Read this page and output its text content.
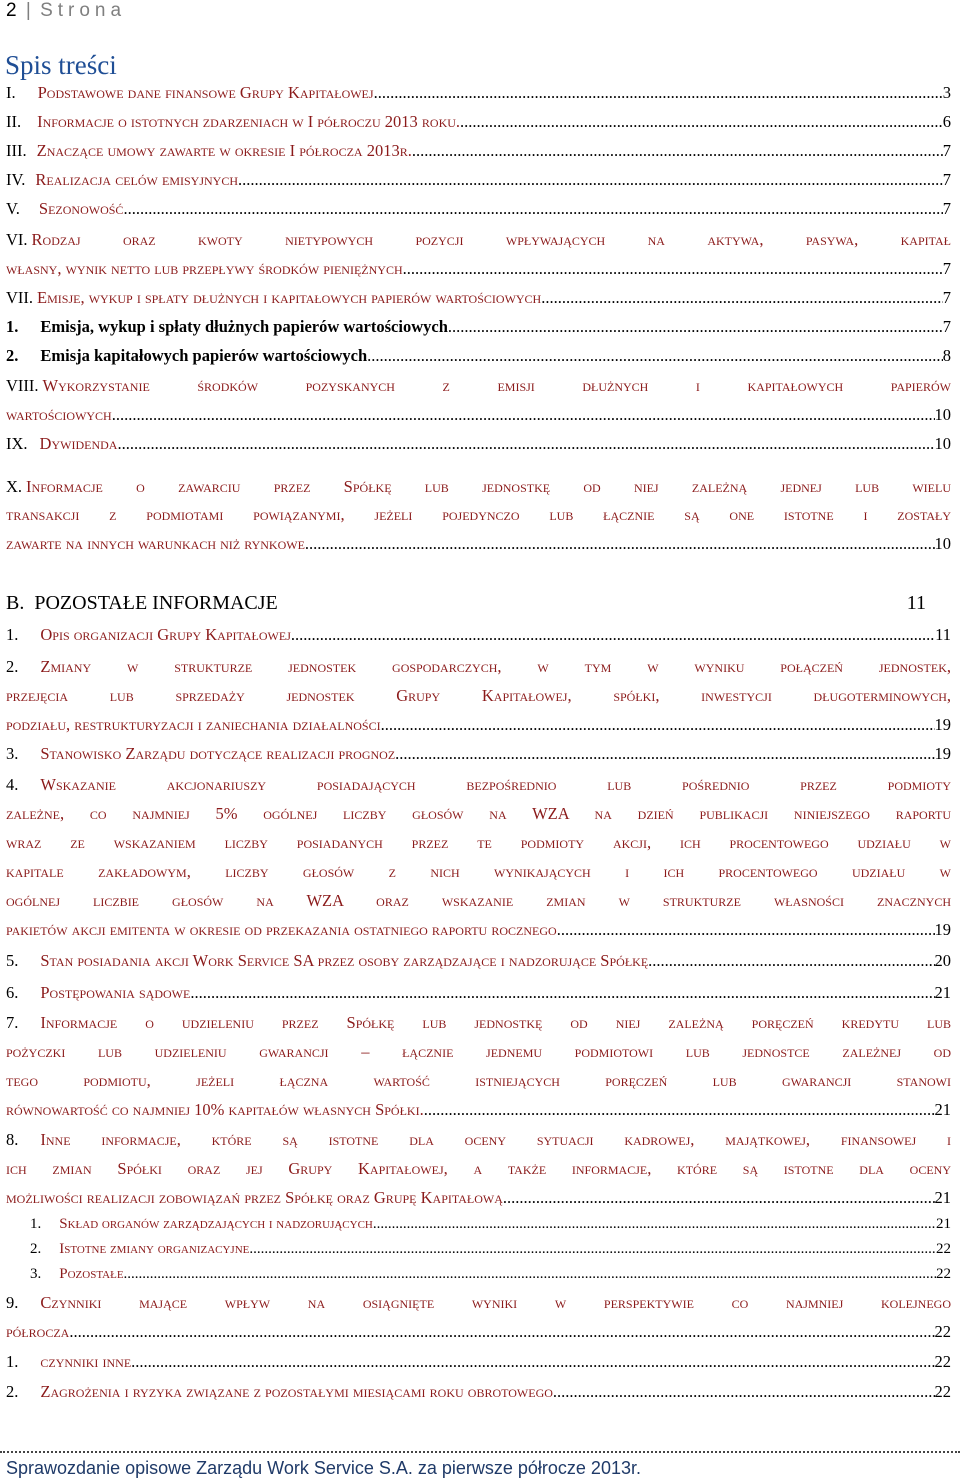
2 | Strona
Spis treści
I. Podstawowe dane finansowe Grupy Kapitałowej .....	3
II. Informacje o istotnych zdarzeniach w I półroczu 2013 roku. .....	6
III. Znaczące umowy zawarte w okresie I półrocza 2013r. .....	7
IV. Realizacja celów emisyjnych .....	7
V. Sezonowość .....	7
VI. Rodzaj oraz kwoty nietypowych pozycji wpływających na aktywa, pasywa, kapitał
własny, wynik netto lub przepływy środków pieniężnych .....	7
VII. Emisje, wykup i spłaty dłużnych i kapitałowych papierów wartościowych .....	7
1. Emisja, wykup i spłaty dłużnych papierów wartościowych .....	7
2. Emisja kapitałowych papierów wartościowych .....	8
VIII. Wykorzystanie środków pozyskanych z emisji dłużnych i kapitałowych papierów
wartościowych .....	10
IX. Dywidenda .....	10
X. Informacje o zawarciu przez Spółkę lub jednostkę od niej zależną jednej lub wielu
transakcji z podmiotami powiązanymi, jeżeli pojedynczo lub łącznie są one istotne i zostały
zawarte na innych warunkach niż rynkowe .....	10
B. POZOSTAŁE INFORMACJE	11
1. Opis organizacji Grupy Kapitałowej .....	11
2. Zmiany w strukturze jednostek gospodarczych, w tym w wyniku połączeń jednostek,
przejęcia lub sprzedaży jednostek Grupy Kapitałowej, spółki, inwestycji długoterminowych,
podziału, restrukturyzacji i zaniechania działalności .....	19
3. Stanowisko Zarządu dotyczące realizacji prognoz .....	19
4. Wskazanie akcjonariuszy posiadających bezpośrednio lub pośrednio przez podmioty
zależne, co najmniej 5% ogólnej liczby głosów na WZA na dzień publikacji niniejszego raportu
wraz ze wskazaniem liczby posiadanych przez te podmioty akcji, ich procentowego udziału w
kapitale zakładowym, liczby głosów z nich wynikających i ich procentowego udziału w
ogólnej liczbie głosów na WZA oraz wskazanie zmian w strukturze własności znacznych
pakietów akcji emitenta w okresie od przekazania ostatniego raportu rocznego .....	19
5. Stan posiadania akcji Work Service SA przez osoby zarządzające i nadzorujące Spółkę .....	20
6. Postępowania sądowe .....	21
7. Informacje o udzieleniu przez Spółkę lub jednostkę od niej zależną poręczeń kredytu lub
pożyczki lub udzieleniu gwarancji – łącznie jednemu podmiotowi lub jednostce zależnej od
tego podmiotu, jeżeli łączna wartość istniejących poręczeń lub gwarancji stanowi
równowartość co najmniej 10% kapitałów własnych Spółki. .....	21
8. Inne informacje, które są istotne dla oceny sytuacji kadrowej, majątkowej, finansowej i
ich zmian Spółki oraz jej Grupy Kapitałowej, a także informacje, które są istotne dla oceny
możliwości realizacji zobowiązań przez Spółkę oraz Grupę Kapitałową .....	21
1. Skład organów zarządzających i nadzorujących .....	21
2. Istotne zmiany organizacyjne .....	22
3. Pozostałe .....	22
9. Czynniki mające wpływ na osiągnięte wyniki w perspektywie co najmniej kolejnego
półrocza .....	22
1. czynniki inne .....	22
2. Zagrożenia i ryzyka związane z pozostałymi miesiącami roku obrotowego .....	22
Sprawozdanie opisowe Zarządu Work Service S.A. za pierwsze półrocze 2013r.
